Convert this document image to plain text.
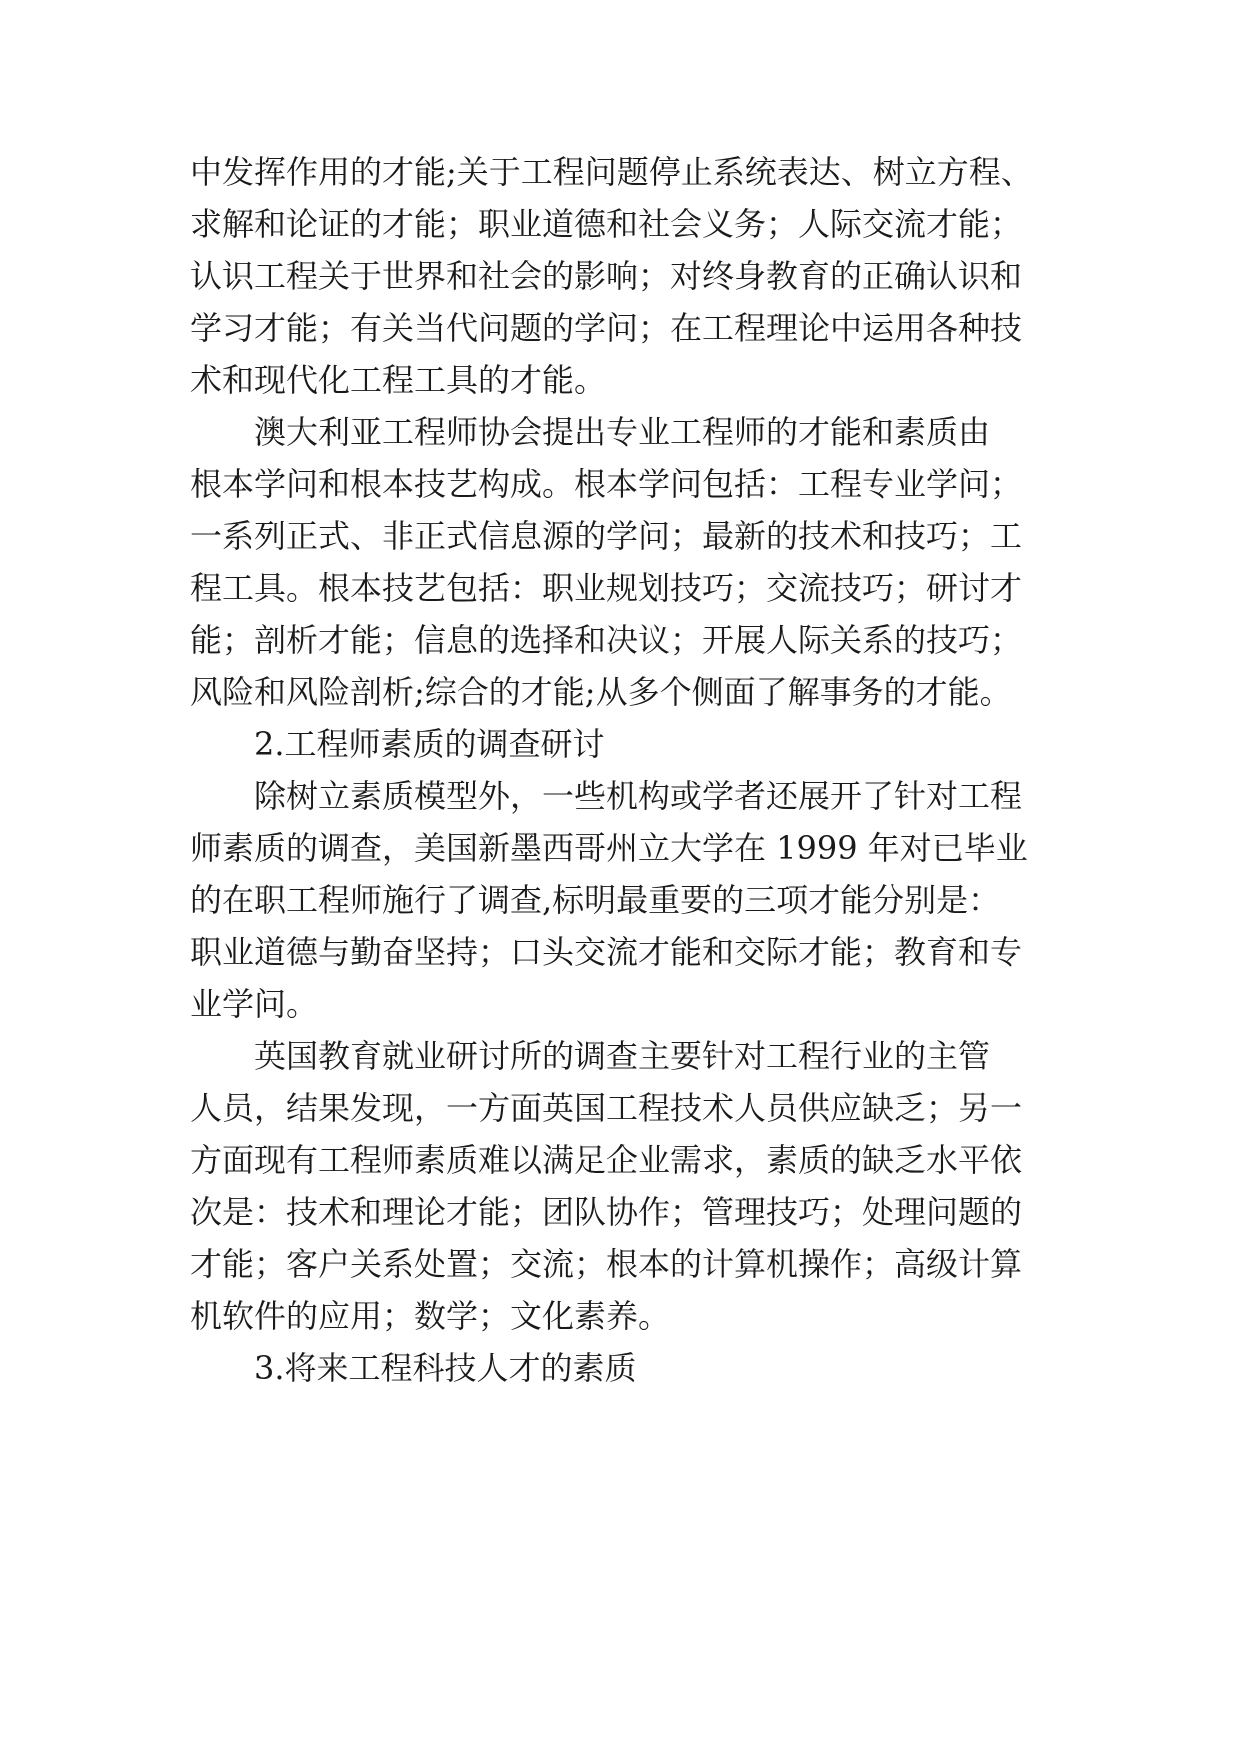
中发挥作用的才能;关于工程问题停止系统表达、树立方程、
求解和论证的才能；职业道德和社会义务；人际交流才能；
认识工程关于世界和社会的影响；对终身教育的正确认识和
学习才能；有关当代问题的学问；在工程理论中运用各种技
术和现代化工程工具的才能。
澳大利亚工程师协会提出专业工程师的才能和素质由
根本学问和根本技艺构成。根本学问包括：工程专业学问；
一系列正式、非正式信息源的学问；最新的技术和技巧；工
程工具。根本技艺包括：职业规划技巧；交流技巧；研讨才
能；剖析才能；信息的选择和决议；开展人际关系的技巧；
风险和风险剖析;综合的才能;从多个侧面了解事务的才能。
2.工程师素质的调查研讨
除树立素质模型外，一些机构或学者还展开了针对工程
师素质的调查，美国新墨西哥州立大学在 1999 年对已毕业
的在职工程师施行了调查,标明最重要的三项才能分别是：
职业道德与勤奋坚持；口头交流才能和交际才能；教育和专
业学问。
英国教育就业研讨所的调查主要针对工程行业的主管
人员，结果发现，一方面英国工程技术人员供应缺乏；另一
方面现有工程师素质难以满足企业需求，素质的缺乏水平依
次是：技术和理论才能；团队协作；管理技巧；处理问题的
才能；客户关系处置；交流；根本的计算机操作；高级计算
机软件的应用；数学；文化素养。
3.将来工程科技人才的素质
